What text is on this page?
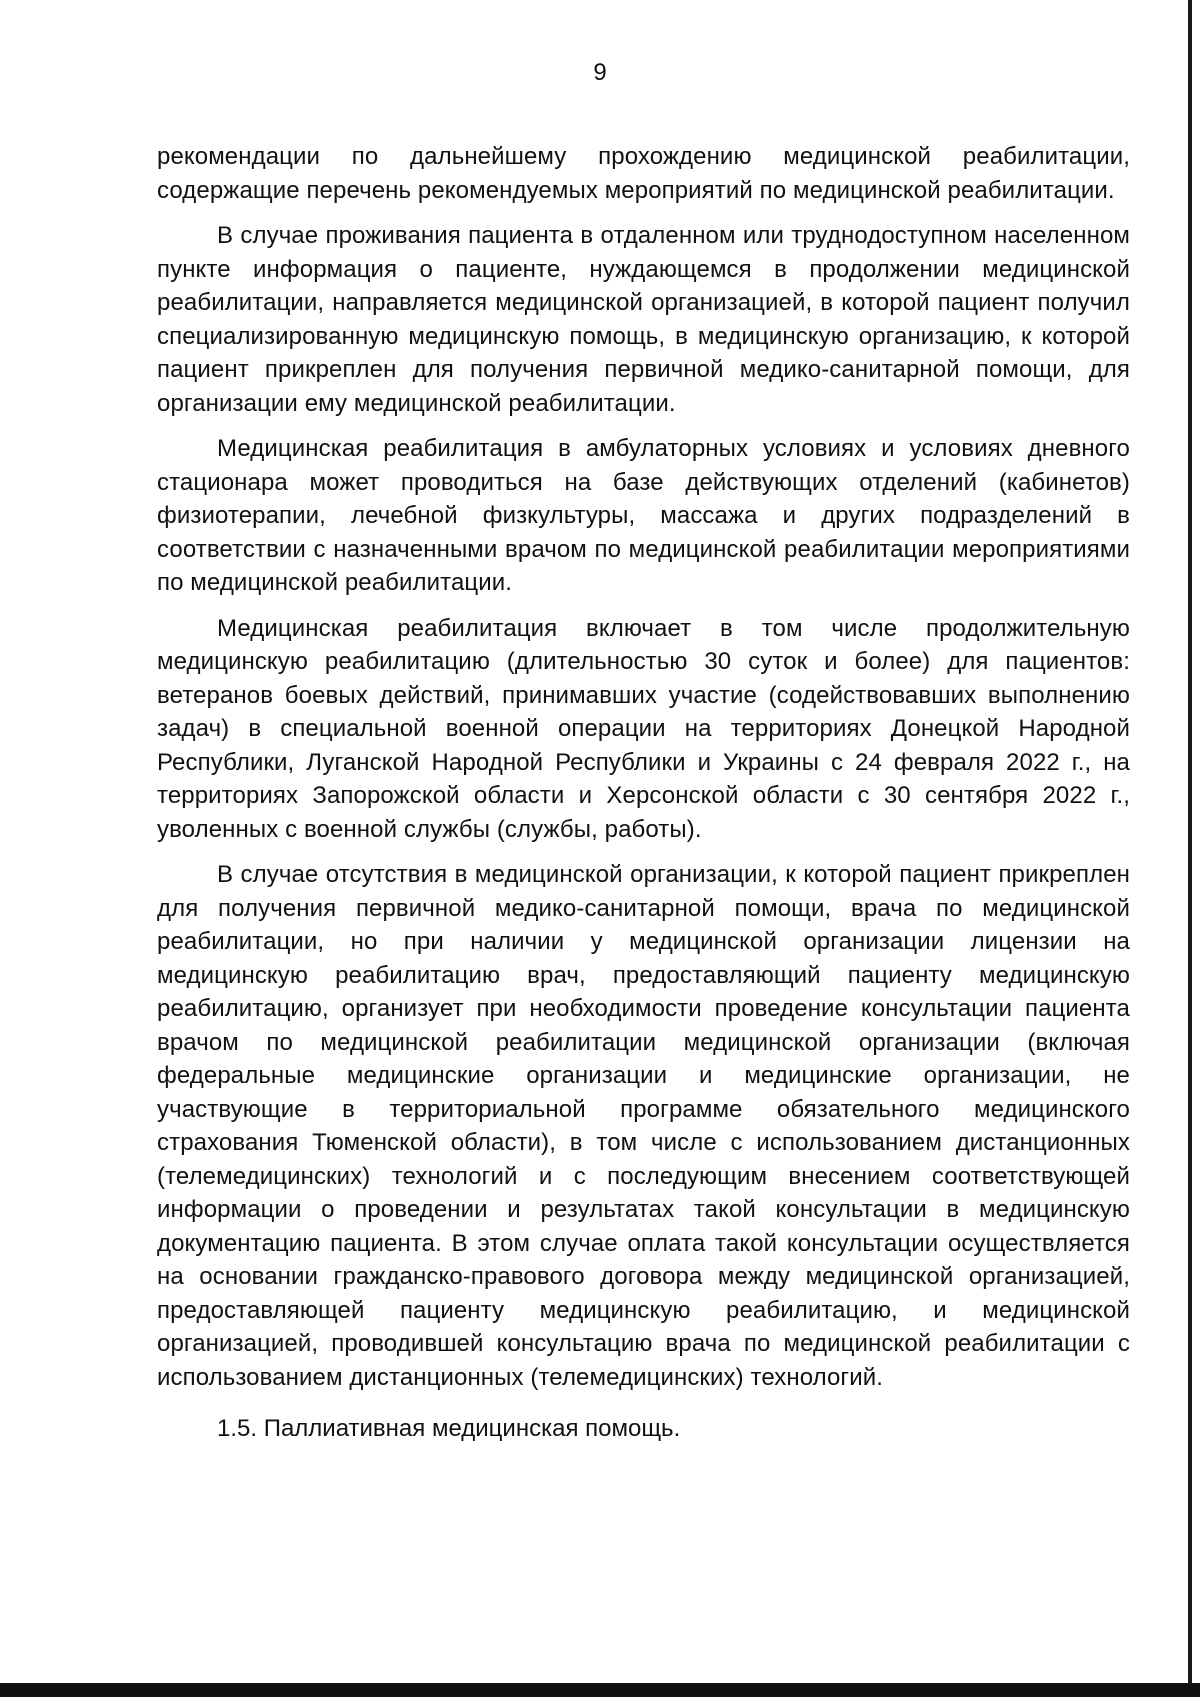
9

рекомендации по дальнейшему прохождению медицинской реабилитации, содержащие перечень рекомендуемых мероприятий по медицинской реабилитации.

В случае проживания пациента в отдаленном или труднодоступном населенном пункте информация о пациенте, нуждающемся в продолжении медицинской реабилитации, направляется медицинской организацией, в которой пациент получил специализированную медицинскую помощь, в медицинскую организацию, к которой пациент прикреплен для получения первичной медико-санитарной помощи, для организации ему медицинской реабилитации.

Медицинская реабилитация в амбулаторных условиях и условиях дневного стационара может проводиться на базе действующих отделений (кабинетов) физиотерапии, лечебной физкультуры, массажа и других подразделений в соответствии с назначенными врачом по медицинской реабилитации мероприятиями по медицинской реабилитации.

Медицинская реабилитация включает в том числе продолжительную медицинскую реабилитацию (длительностью 30 суток и более) для пациентов: ветеранов боевых действий, принимавших участие (содействовавших выполнению задач) в специальной военной операции на территориях Донецкой Народной Республики, Луганской Народной Республики и Украины с 24 февраля 2022 г., на территориях Запорожской области и Херсонской области с 30 сентября 2022 г., уволенных с военной службы (службы, работы).

В случае отсутствия в медицинской организации, к которой пациент прикреплен для получения первичной медико-санитарной помощи, врача по медицинской реабилитации, но при наличии у медицинской организации лицензии на медицинскую реабилитацию врач, предоставляющий пациенту медицинскую реабилитацию, организует при необходимости проведение консультации пациента врачом по медицинской реабилитации медицинской организации (включая федеральные медицинские организации и медицинские организации, не участвующие в территориальной программе обязательного медицинского страхования Тюменской области), в том числе с использованием дистанционных (телемедицинских) технологий и с последующим внесением соответствующей информации о проведении и результатах такой консультации в медицинскую документацию пациента. В этом случае оплата такой консультации осуществляется на основании гражданско-правового договора между медицинской организацией, предоставляющей пациенту медицинскую реабилитацию, и медицинской организацией, проводившей консультацию врача по медицинской реабилитации с использованием дистанционных (телемедицинских) технологий.

1.5. Паллиативная медицинская помощь.
